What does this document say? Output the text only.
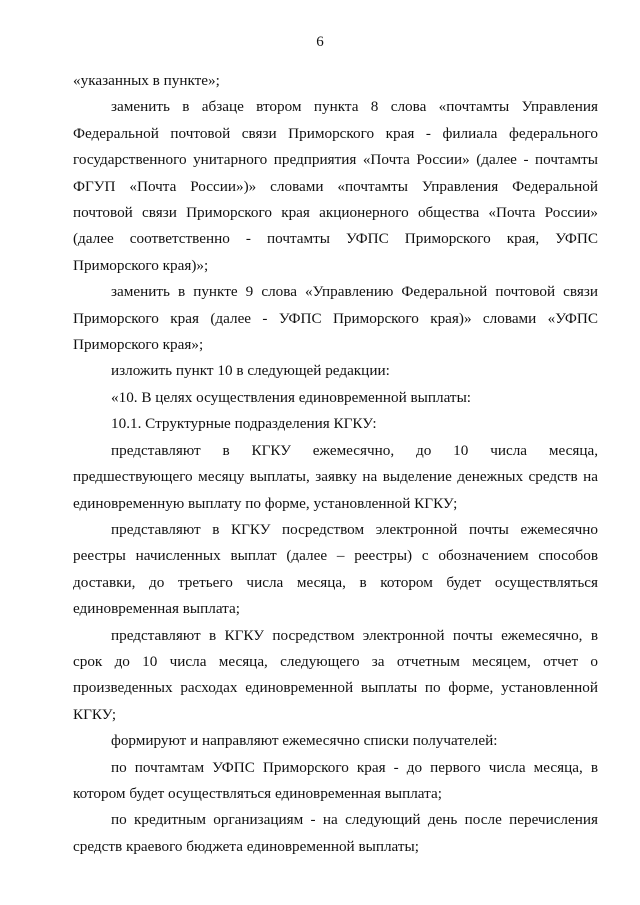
6
«указанных в пункте»;
заменить в абзаце втором пункта 8 слова «почтамты Управления
Федеральной почтовой связи Приморского края - филиала федерального
государственного унитарного предприятия «Почта России» (далее - почтамты
ФГУП «Почта России»)» словами «почтамты Управления Федеральной
почтовой связи Приморского края акционерного общества «Почта России»
(далее соответственно - почтамты УФПС Приморского края, УФПС
Приморского края)»;
заменить в пункте 9 слова «Управлению Федеральной почтовой связи
Приморского края (далее - УФПС Приморского края)» словами «УФПС
Приморского края»;
изложить пункт 10 в следующей редакции:
«10. В целях осуществления единовременной выплаты:
10.1. Структурные подразделения КГКУ:
представляют в КГКУ ежемесячно, до 10 числа месяца,
предшествующего месяцу выплаты, заявку на выделение денежных средств на
единовременную выплату по форме, установленной КГКУ;
представляют в КГКУ посредством электронной почты ежемесячно
реестры начисленных выплат (далее – реестры) с обозначением способов
доставки, до третьего числа месяца, в котором будет осуществляться
единовременная выплата;
представляют в КГКУ посредством электронной почты ежемесячно, в
срок до 10 числа месяца, следующего за отчетным месяцем, отчет о
произведенных расходах единовременной выплаты по форме, установленной
КГКУ;
формируют и направляют ежемесячно списки получателей:
по почтамтам УФПС Приморского края - до первого числа месяца, в
котором будет осуществляться единовременная выплата;
по кредитным организациям - на следующий день после перечисления
средств краевого бюджета единовременной выплаты;
